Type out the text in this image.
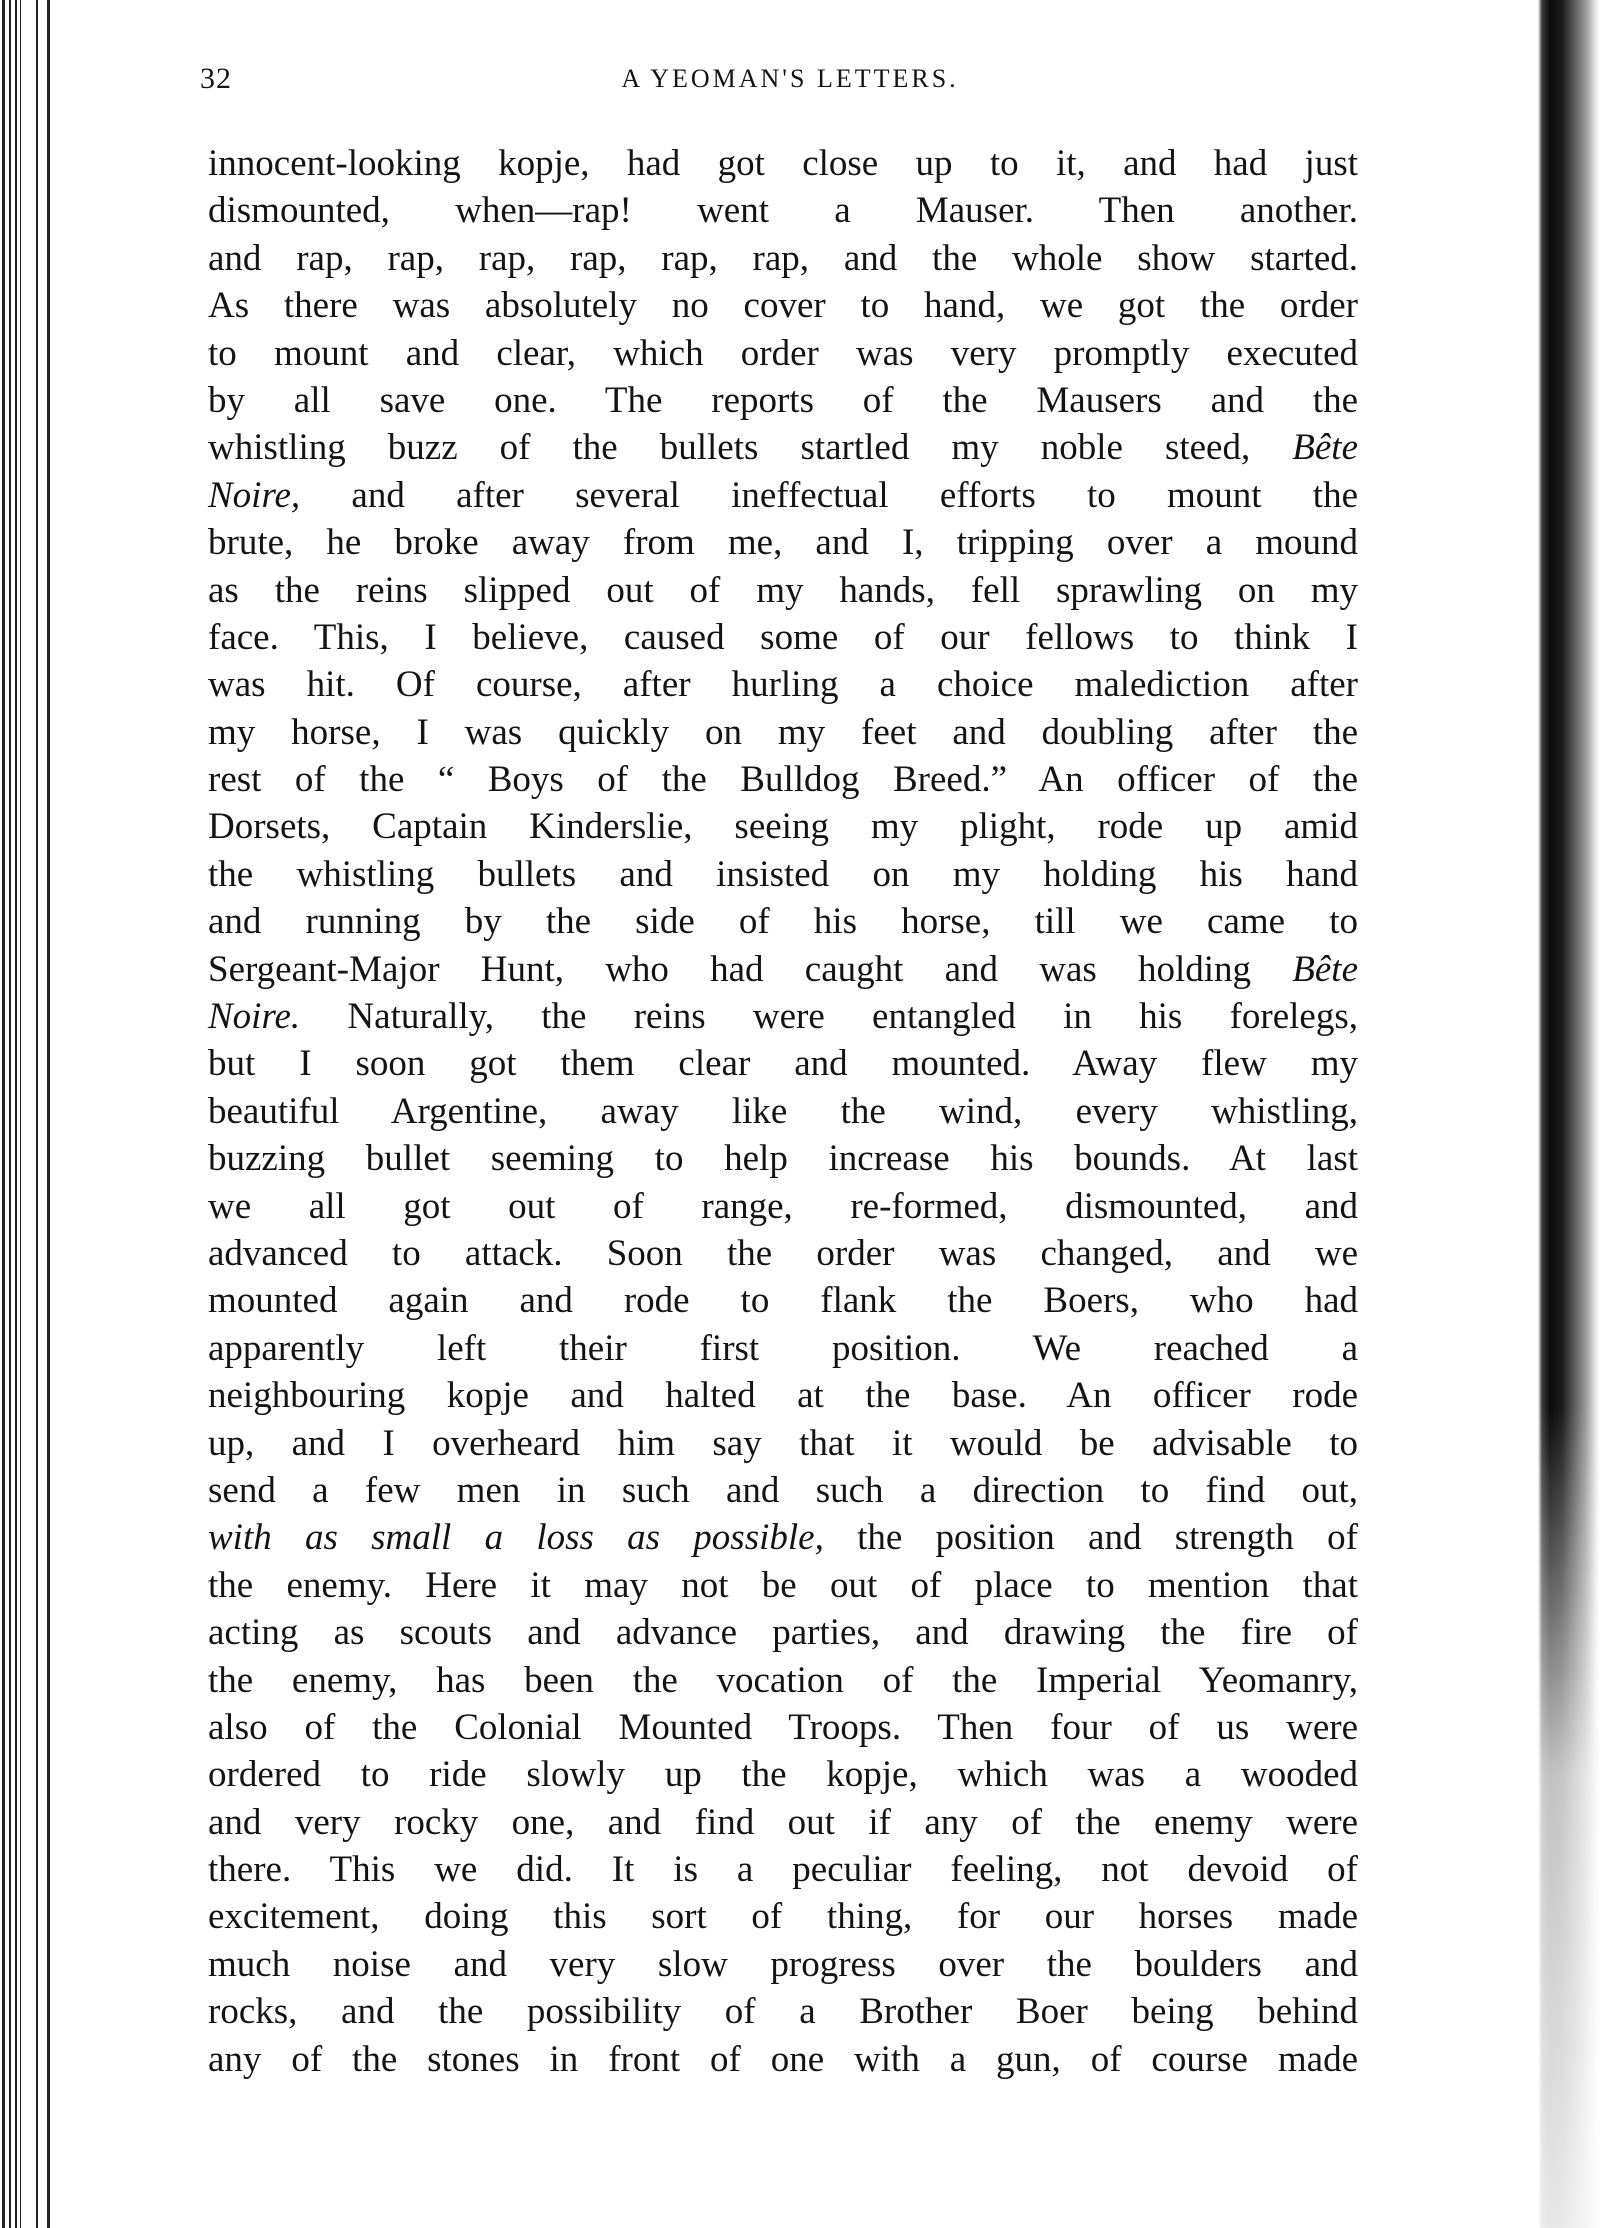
32	A YEOMAN'S LETTERS.
innocent-looking kopje, had got close up to it, and had just
dismounted, when—rap! went a Mauser. Then another.
and rap, rap, rap, rap, rap, rap, and the whole show started.
As there was absolutely no cover to hand, we got the order
to mount and clear, which order was very promptly executed
by all save one. The reports of the Mausers and the
whistling buzz of the bullets startled my noble steed, Bête
Noire, and after several ineffectual efforts to mount the
brute, he broke away from me, and I, tripping over a mound
as the reins slipped out of my hands, fell sprawling on my
face. This, I believe, caused some of our fellows to think I
was hit. Of course, after hurling a choice malediction after
my horse, I was quickly on my feet and doubling after the
rest of the “ Boys of the Bulldog Breed.” An officer of the
Dorsets, Captain Kinderslie, seeing my plight, rode up amid
the whistling bullets and insisted on my holding his hand
and running by the side of his horse, till we came to
Sergeant-Major Hunt, who had caught and was holding Bête
Noire. Naturally, the reins were entangled in his forelegs,
but I soon got them clear and mounted. Away flew my
beautiful Argentine, away like the wind, every whistling,
buzzing bullet seeming to help increase his bounds. At last
we all got out of range, re-formed, dismounted, and
advanced to attack. Soon the order was changed, and we
mounted again and rode to flank the Boers, who had
apparently left their first position. We reached a
neighbouring kopje and halted at the base. An officer rode
up, and I overheard him say that it would be advisable to
send a few men in such and such a direction to find out,
with as small a loss as possible, the position and strength of
the enemy. Here it may not be out of place to mention that
acting as scouts and advance parties, and drawing the fire of
the enemy, has been the vocation of the Imperial Yeomanry,
also of the Colonial Mounted Troops. Then four of us were
ordered to ride slowly up the kopje, which was a wooded
and very rocky one, and find out if any of the enemy were
there. This we did. It is a peculiar feeling, not devoid of
excitement, doing this sort of thing, for our horses made
much noise and very slow progress over the boulders and
rocks, and the possibility of a Brother Boer being behind
any of the stones in front of one with a gun, of course made
